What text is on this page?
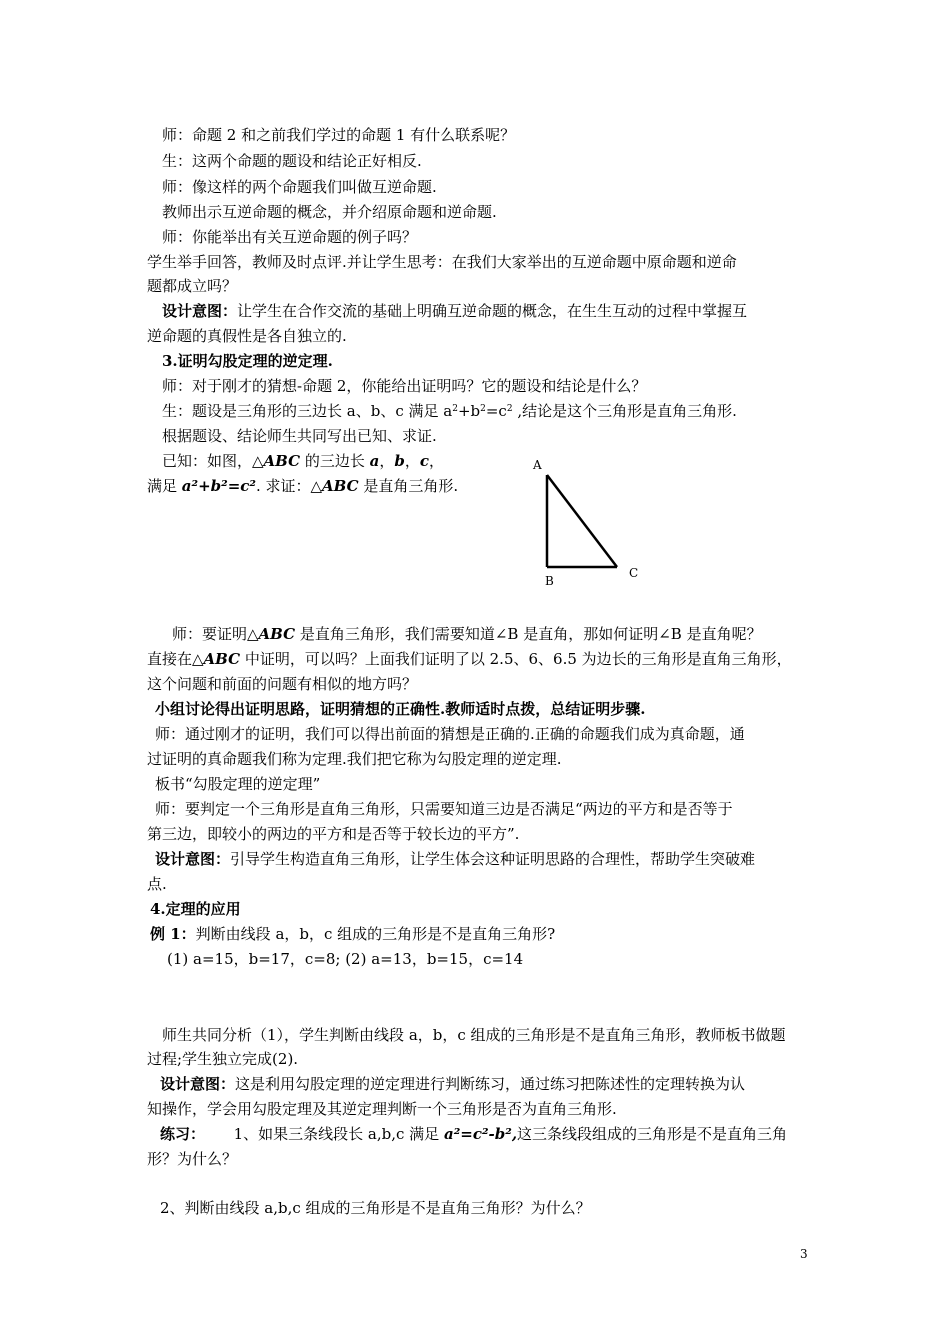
师：命题 2 和之前我们学过的命题 1 有什么联系呢？
生：这两个命题的题设和结论正好相反.
师：像这样的两个命题我们叫做互逆命题.
教师出示互逆命题的概念，并介绍原命题和逆命题.
师：你能举出有关互逆命题的例子吗？
学生举手回答，教师及时点评.并让学生思考：在我们大家举出的互逆命题中原命题和逆命
题都成立吗？
设计意图：让学生在合作交流的基础上明确互逆命题的概念，在生生互动的过程中掌握互
逆命题的真假性是各自独立的.
3.证明勾股定理的逆定理.
师：对于刚才的猜想-命题 2，你能给出证明吗？它的题设和结论是什么？
生：题设是三角形的三边长 a、b、c 满足 $a^2+b^2=c^2$ ,结论是这个三角形是直角三角形.
根据题设、结论师生共同写出已知、求证.
已知：如图，△ABC 的三边长 a，b，c，
满足 a²+b²=c². 求证：△ABC 是直角三角形.
A
B
C
师：要证明△ABC 是直角三角形，我们需要知道∠B 是直角，那如何证明∠B 是直角呢？
直接在△ABC 中证明，可以吗？上面我们证明了以 2.5、6、6.5 为边长的三角形是直角三角形，
这个问题和前面的问题有相似的地方吗？
小组讨论得出证明思路，证明猜想的正确性.教师适时点拨，总结证明步骤.
师：通过刚才的证明，我们可以得出前面的猜想是正确的.正确的命题我们成为真命题，通
过证明的真命题我们称为定理.我们把它称为勾股定理的逆定理.
板书“勾股定理的逆定理”
师：要判定一个三角形是直角三角形，只需要知道三边是否满足“两边的平方和是否等于
第三边，即较小的两边的平方和是否等于较长边的平方”.
设计意图：引导学生构造直角三角形，让学生体会这种证明思路的合理性，帮助学生突破难
点.
4.定理的应用
例 1：判断由线段 a，b，c 组成的三角形是不是直角三角形?
(1) a=15，b=17，c=8; (2) a=13，b=15，c=14
师生共同分析（1），学生判断由线段 a，b，c 组成的三角形是不是直角三角形，教师板书做题
过程;学生独立完成(2).
设计意图：这是利用勾股定理的逆定理进行判断练习，通过练习把陈述性的定理转换为认
知操作，学会用勾股定理及其逆定理判断一个三角形是否为直角三角形.
练习：      1、如果三条线段长 a,b,c 满足 a²=c²-b²,这三条线段组成的三角形是不是直角三角
形？为什么？
2、判断由线段 a,b,c 组成的三角形是不是直角三角形？为什么？
3
